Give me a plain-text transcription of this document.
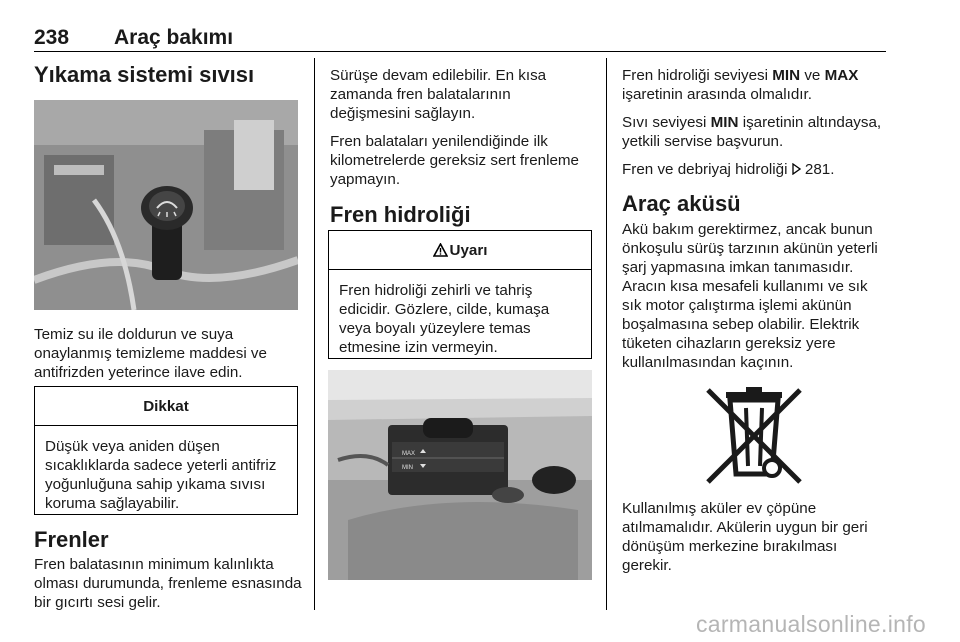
238 Araç bakımı
Yıkama sistemi sıvısı

Temiz su ile doldurun ve suya onaylanmış temizleme maddesi ve antifrizden yeterince ilave edin.

Dikkat
Düşük veya aniden düşen sıcaklıklarda sadece yeterli antifriz yoğunluğuna sahip yıkama sıvısı koruma sağlayabilir.
Frenler

Fren balatasının minimum kalınlıkta olması durumunda, frenleme esnasında bir gıcırtı sesi gelir.

Sürüşe devam edilebilir. En kısa zamanda fren balatalarının değişmesini sağlayın.

Fren balataları yenilendiğinde ilk kilometrelerde gereksiz sert frenleme yapmayın.

Fren hidroliği
Uyarı
Fren hidroliği zehirli ve tahriş edicidir. Gözlere, cilde, kumaşa veya boyalı yüzeylere temas etmesine izin vermeyin.
MAX
MIN

Fren hidroliği seviyesi MIN ve MAX işaretinin arasında olmalıdır.

Sıvı seviyesi MIN işaretinin altındaysa, yetkili servise başvurun.

Fren ve debriyaj hidroliği  281.

Araç aküsü

Akü bakım gerektirmez, ancak bunun önkoşulu sürüş tarzının akünün yeterli şarj yapmasına imkan tanımasıdır. Aracın kısa mesafeli kullanımı ve sık sık motor çalıştırma işlemi akünün boşalmasına sebep olabilir. Elektrik tüketen cihazların gereksiz yere kullanılmasından kaçının.

Kullanılmış aküler ev çöpüne atılmamalıdır. Akülerin uygun bir geri dönüşüm merkezine bırakılması gerekir.

carmanualsonline.info
